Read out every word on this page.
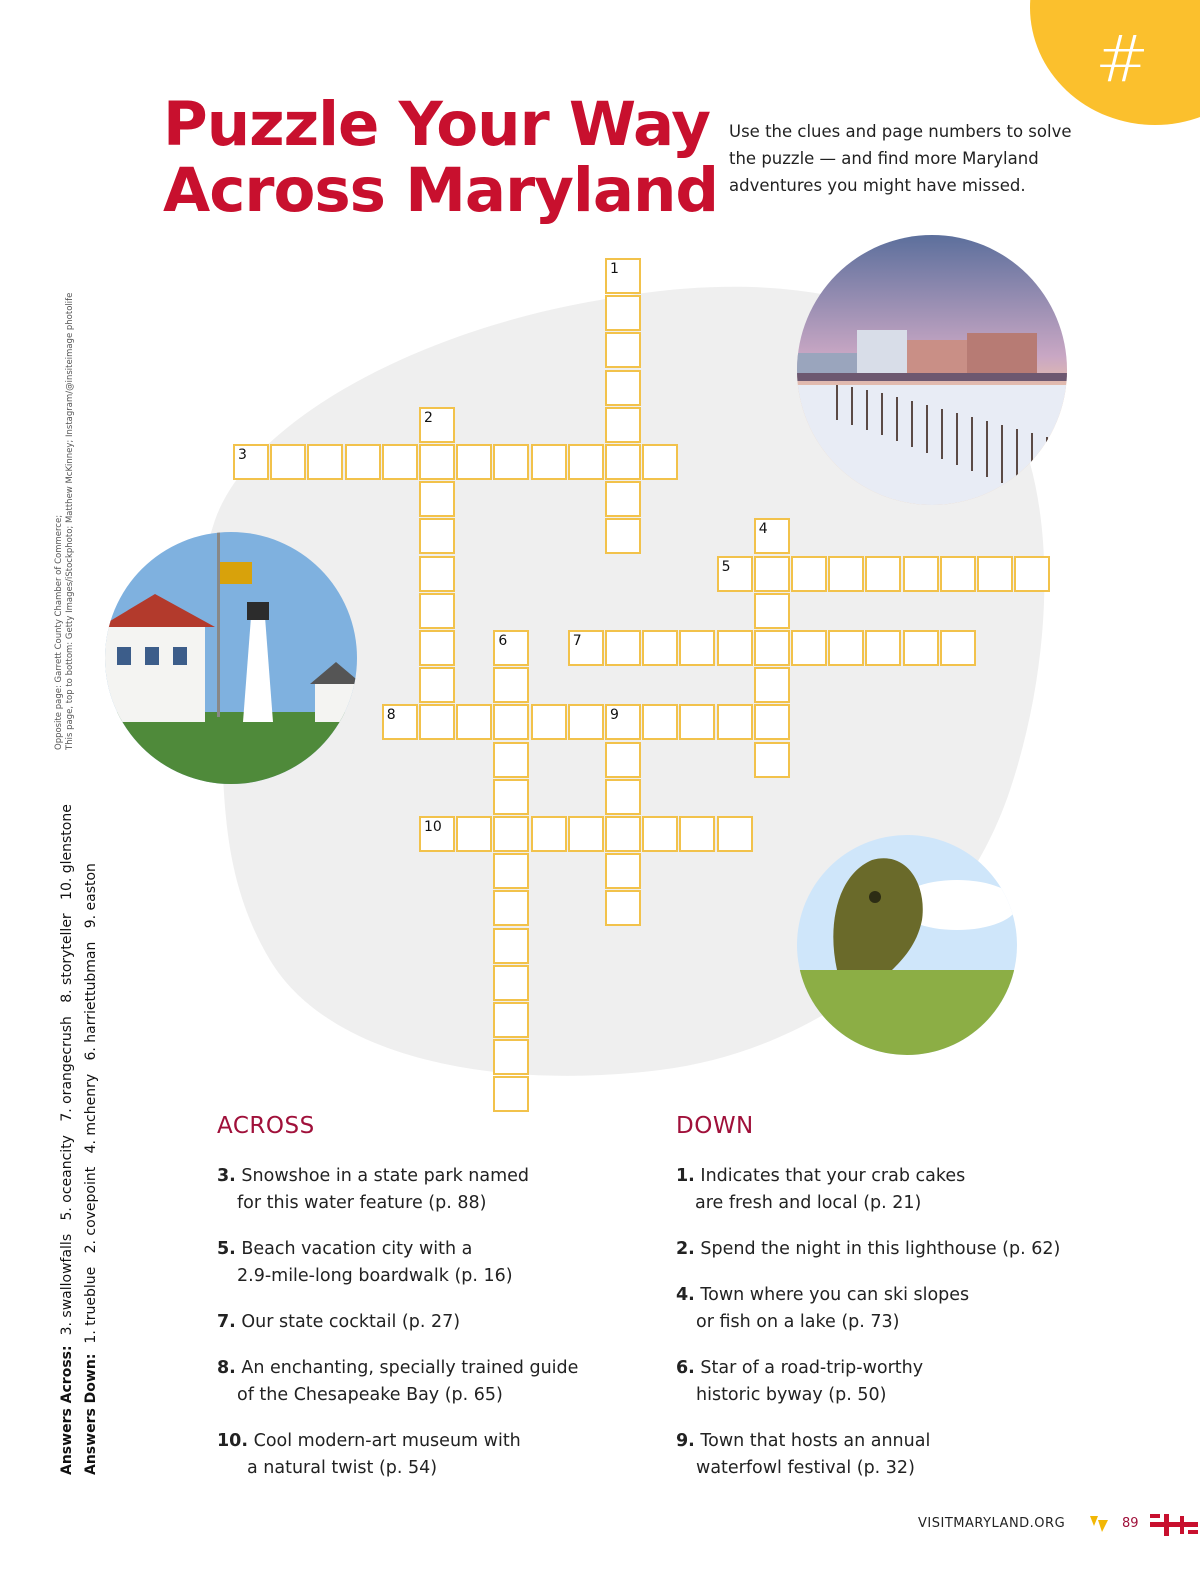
#
Puzzle Your Way
Across Maryland

Use the clues and page numbers to solve
the puzzle — and find more Maryland
adventures you might have missed.

1
2
3
4
5
6	7
8	9
10
Opposite page: Garrett County Chamber of Commerce; This page, top to bottom: Getty Images/iStockphoto; Matthew McKinney; Instagram/@insiteimage photolife
Answers Across:3. swallowfalls   5. oceancity   7. orangecrush   8. storyteller   10. glenstone
Answers Down:1. trueblue   2. covepoint   4. mchenry   6. harriettubman   9. easton	ACROSS
3. Snowshoe in a state park named
for this water feature (p. 88)
5. Beach vacation city with a
2.9-mile-long boardwalk (p. 16)
7. Our state cocktail (p. 27)
8. An enchanting, specially trained guide
of the Chesapeake Bay (p. 65)
10. Cool modern-art museum with
a natural twist (p. 54)
DOWN
1. Indicates that your crab cakes
are fresh and local (p. 21)
2. Spend the night in this lighthouse (p. 62)
4. Town where you can ski slopes
or fish on a lake (p. 73)
6. Star of a road-trip-worthy
historic byway (p. 50)
9. Town that hosts an annual
waterfowl festival (p. 32)
VISITMARYLAND.ORG	89
